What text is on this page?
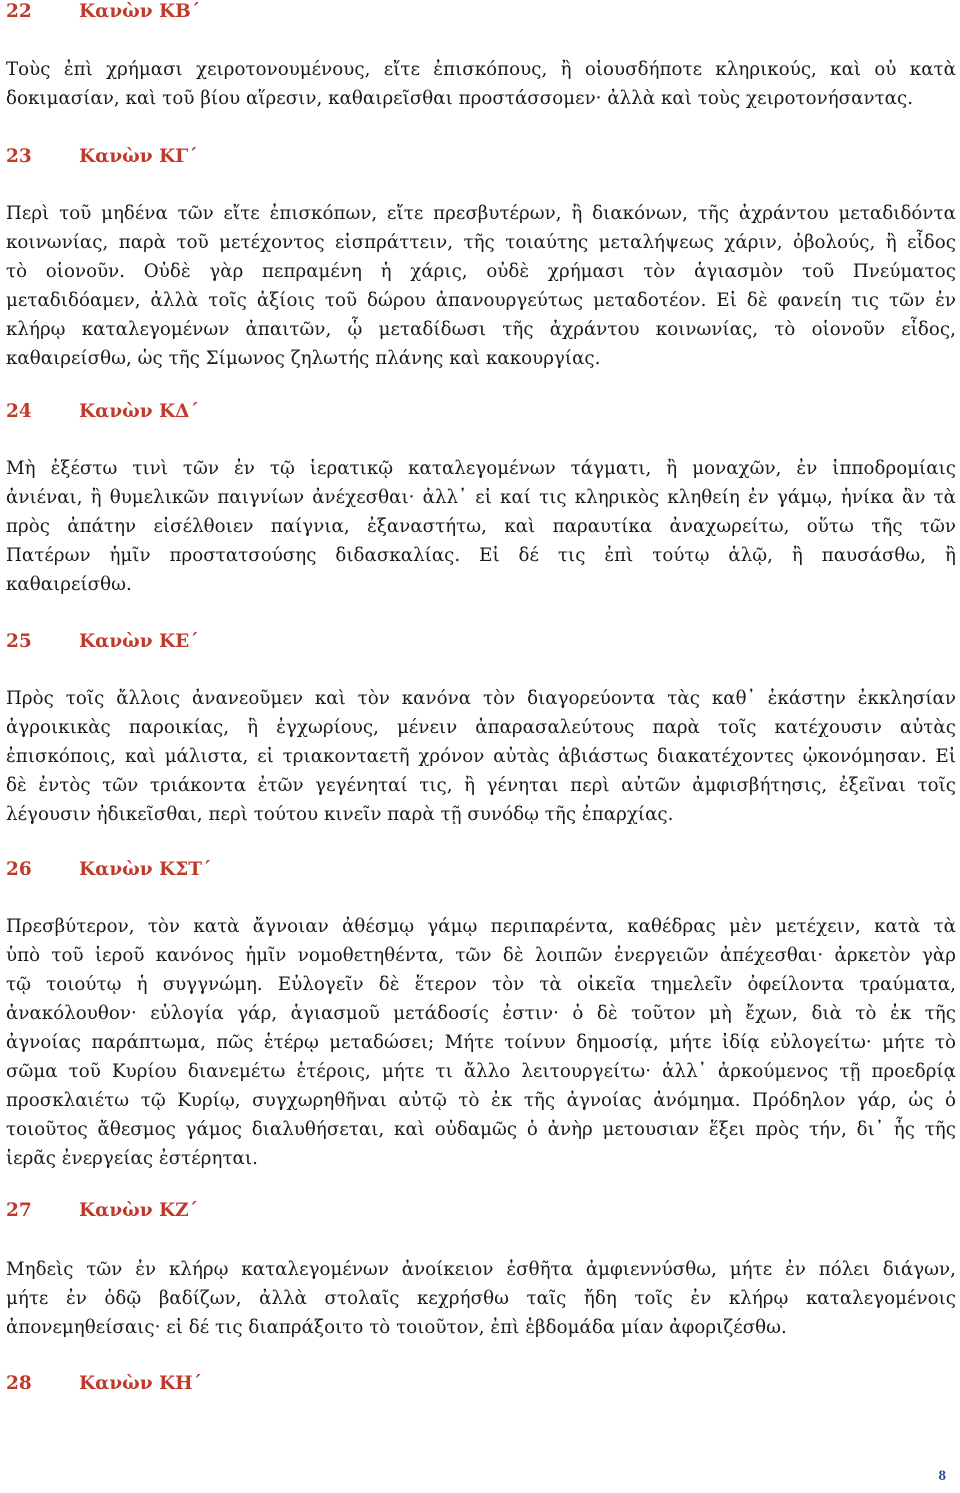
22	Κανὼν ΚΒ΄
Τοὺς ἐπὶ χρήμασι χειροτονουμένους, εἴτε ἐπισκόπους, ἢ οἱουσδήποτε κληρικούς, καὶ οὐ κατὰ
δοκιμασίαν, καὶ τοῦ βίου αἵρεσιν, καθαιρεῖσθαι προστάσσομεν· ἀλλὰ καὶ τοὺς χειροτονήσαντας.
23	Κανὼν ΚΓ΄
Περὶ τοῦ μηδένα τῶν εἴτε ἐπισκόπων, εἴτε πρεσβυτέρων, ἢ διακόνων, τῆς ἀχράντου μεταδιδόντα
κοινωνίας, παρὰ τοῦ μετέχοντος εἰσπράττειν, τῆς τοιαύτης μεταλήψεως χάριν, ὀβολούς, ἢ εἶδος
τὸ οἱονοῦν. Οὐδὲ γὰρ πεπραμένη ἡ χάρις, οὐδὲ χρήμασι τὸν ἁγιασμὸν τοῦ Πνεύματος
μεταδιδόαμεν, ἀλλὰ τοῖς ἀξίοις τοῦ δώρου ἀπανουργεύτως μεταδοτέον. Εἰ δὲ φανείη τις τῶν ἐν
κλήρῳ καταλεγομένων ἀπαιτῶν, ᾧ μεταδίδωσι τῆς ἀχράντου κοινωνίας, τὸ οἱονοῦν εἶδος,
καθαιρείσθω, ὡς τῆς Σίμωνος ζηλωτής πλάνης καὶ κακουργίας.
24	Κανὼν ΚΔ΄
Μὴ ἐξέστω τινὶ τῶν ἐν τῷ ἱερατικῷ καταλεγομένων τάγματι, ἢ μοναχῶν, ἐν ἱπποδρομίαις
ἀνιέναι, ἢ θυμελικῶν παιγνίων ἀνέχεσθαι· ἀλλ᾽ εἰ καί τις κληρικὸς κληθείη ἐν γάμῳ, ἡνίκα ἂν τὰ
πρὸς ἀπάτην εἰσέλθοιεν παίγνια, ἐξαναστήτω, καὶ παραυτίκα ἀναχωρείτω, οὕτω τῆς τῶν
Πατέρων ἡμῖν προστατσούσης διδασκαλίας. Εἰ δέ τις ἐπὶ τούτῳ ἁλῷ, ἢ παυσάσθω, ἢ
καθαιρείσθω.
25	Κανὼν ΚΕ΄
Πρὸς τοῖς ἄλλοις ἀνανεοῦμεν καὶ τὸν κανόνα τὸν διαγορεύοντα τὰς καθ᾽ ἑκάστην ἐκκλησίαν
ἀγροικικὰς παροικίας, ἢ ἐγχωρίους, μένειν ἀπαρασαλεύτους παρὰ τοῖς κατέχουσιν αὐτὰς
ἐπισκόποις, καὶ μάλιστα, εἰ τριακονταετῆ χρόνον αὐτὰς ἀβιάστως διακατέχοντες ᾠκονόμησαν. Εἰ
δὲ ἐντὸς τῶν τριάκοντα ἐτῶν γεγένηταί τις, ἢ γένηται περὶ αὐτῶν ἀμφισβήτησις, ἐξεῖναι τοῖς
λέγουσιν ἠδικεῖσθαι, περὶ τούτου κινεῖν παρὰ τῇ συνόδῳ τῆς ἐπαρχίας.
26	Κανὼν ΚΣΤ΄
Πρεσβύτερον, τὸν κατὰ ἄγνοιαν ἀθέσμῳ γάμῳ περιπαρέντα, καθέδρας μὲν μετέχειν, κατὰ τὰ
ὑπὸ τοῦ ἱεροῦ κανόνος ἡμῖν νομοθετηθέντα, τῶν δὲ λοιπῶν ἐνεργειῶν ἀπέχεσθαι· ἀρκετὸν γὰρ
τῷ τοιούτῳ ἡ συγγνώμη. Εὐλογεῖν δὲ ἕτερον τὸν τὰ οἰκεῖα τημελεῖν ὀφείλοντα τραύματα,
ἀνακόλουθον· εὐλογία γάρ, ἁγιασμοῦ μετάδοσίς ἐστιν· ὁ δὲ τοῦτον μὴ ἔχων, διὰ τὸ ἐκ τῆς
ἀγνοίας παράπτωμα, πῶς ἑτέρῳ μεταδώσει; Μήτε τοίνυν δημοσίᾳ, μήτε ἰδίᾳ εὐλογείτω· μήτε τὸ
σῶμα τοῦ Κυρίου διανεμέτω ἑτέροις, μήτε τι ἄλλο λειτουργείτω· ἀλλ᾽ ἀρκούμενος τῇ προεδρίᾳ
προσκλαιέτω τῷ Κυρίῳ, συγχωρηθῆναι αὐτῷ τὸ ἐκ τῆς ἀγνοίας ἀνόμημα. Πρόδηλον γάρ, ὡς ὁ
τοιοῦτος ἄθεσμος γάμος διαλυθήσεται, καὶ οὐδαμῶς ὁ ἀνὴρ μετουσιαν ἕξει πρὸς τήν, δι᾽ ἧς τῆς
ἱερᾶς ἐνεργείας ἐστέρηται.
27	Κανὼν ΚΖ΄
Μηδεὶς τῶν ἐν κλήρῳ καταλεγομένων ἀνοίκειον ἐσθῆτα ἀμφιεννύσθω, μήτε ἐν πόλει διάγων,
μήτε ἐν ὁδῷ βαδίζων, ἀλλὰ στολαῖς κεχρήσθω ταῖς ἤδη τοῖς ἐν κλήρῳ καταλεγομένοις
ἀπονεμηθείσαις· εἰ δέ τις διαπράξοιτο τὸ τοιοῦτον, ἐπὶ ἑβδομάδα μίαν ἀφοριζέσθω.
28	Κανὼν ΚΗ΄
8
